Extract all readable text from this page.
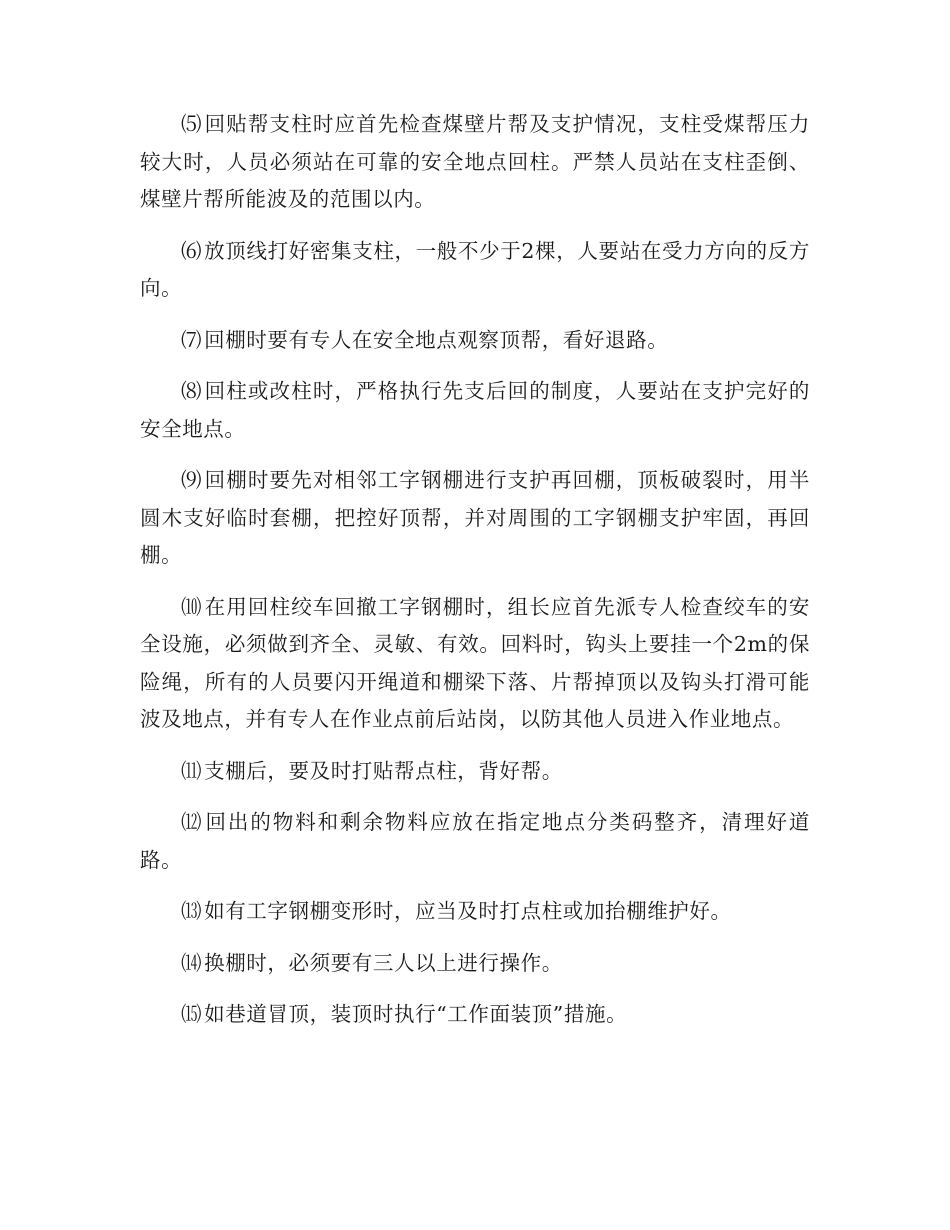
⑸回贴帮支柱时应首先检查煤壁片帮及支护情况，支柱受煤帮压力较大时，人员必须站在可靠的安全地点回柱。严禁人员站在支柱歪倒、煤壁片帮所能波及的范围以内。

⑹放顶线打好密集支柱，一般不少于2棵，人要站在受力方向的反方向。

⑺回棚时要有专人在安全地点观察顶帮，看好退路。

⑻回柱或改柱时，严格执行先支后回的制度，人要站在支护完好的安全地点。

⑼回棚时要先对相邻工字钢棚进行支护再回棚，顶板破裂时，用半圆木支好临时套棚，把控好顶帮，并对周围的工字钢棚支护牢固，再回棚。

⑽在用回柱绞车回撤工字钢棚时，组长应首先派专人检查绞车的安全设施，必须做到齐全、灵敏、有效。回料时，钩头上要挂一个2m的保险绳，所有的人员要闪开绳道和棚梁下落、片帮掉顶以及钩头打滑可能波及地点，并有专人在作业点前后站岗，以防其他人员进入作业地点。

⑾支棚后，要及时打贴帮点柱，背好帮。

⑿回出的物料和剩余物料应放在指定地点分类码整齐，清理好道路。

⒀如有工字钢棚变形时，应当及时打点柱或加抬棚维护好。

⒁换棚时，必须要有三人以上进行操作。

⒂如巷道冒顶，装顶时执行“工作面装顶”措施。
